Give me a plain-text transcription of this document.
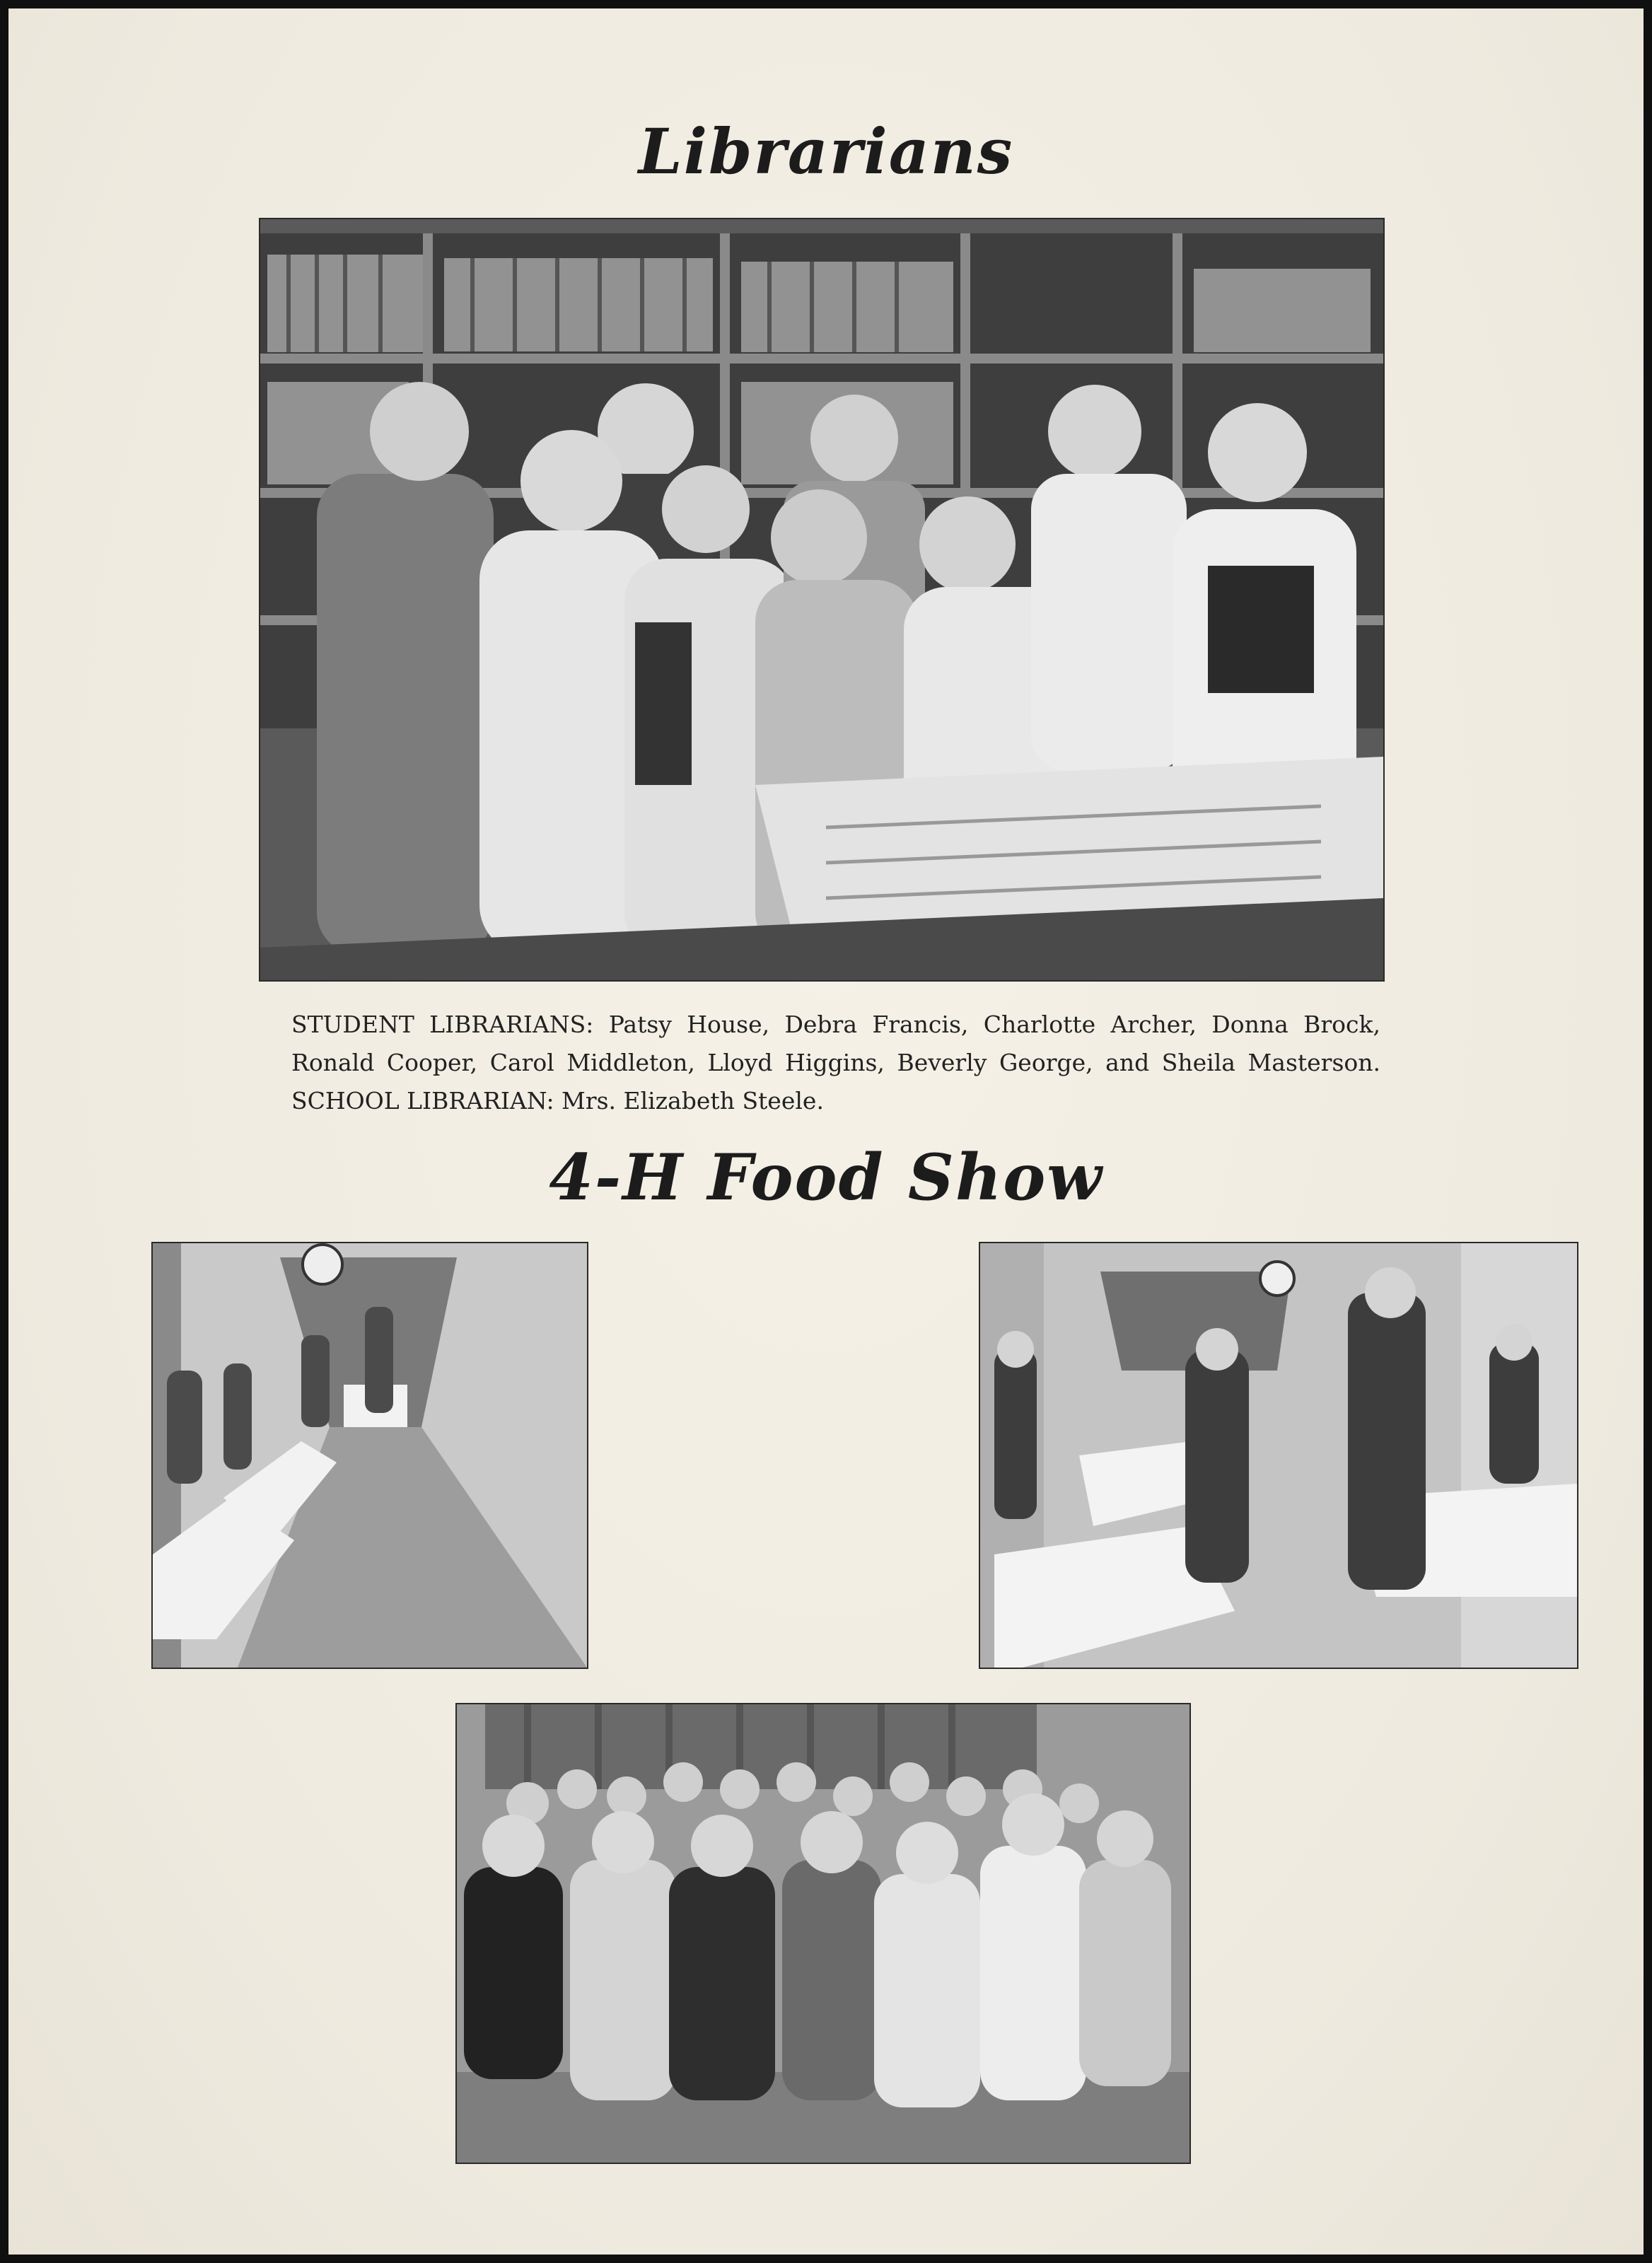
Librarians
STUDENT LIBRARIANS: Patsy House, Debra Francis, Charlotte Archer, Donna Brock, Ronald Cooper, Carol Middleton, Lloyd Higgins, Beverly George, and Sheila Masterson. SCHOOL LIBRARIAN: Mrs. Elizabeth Steele.
4-H Food Show
